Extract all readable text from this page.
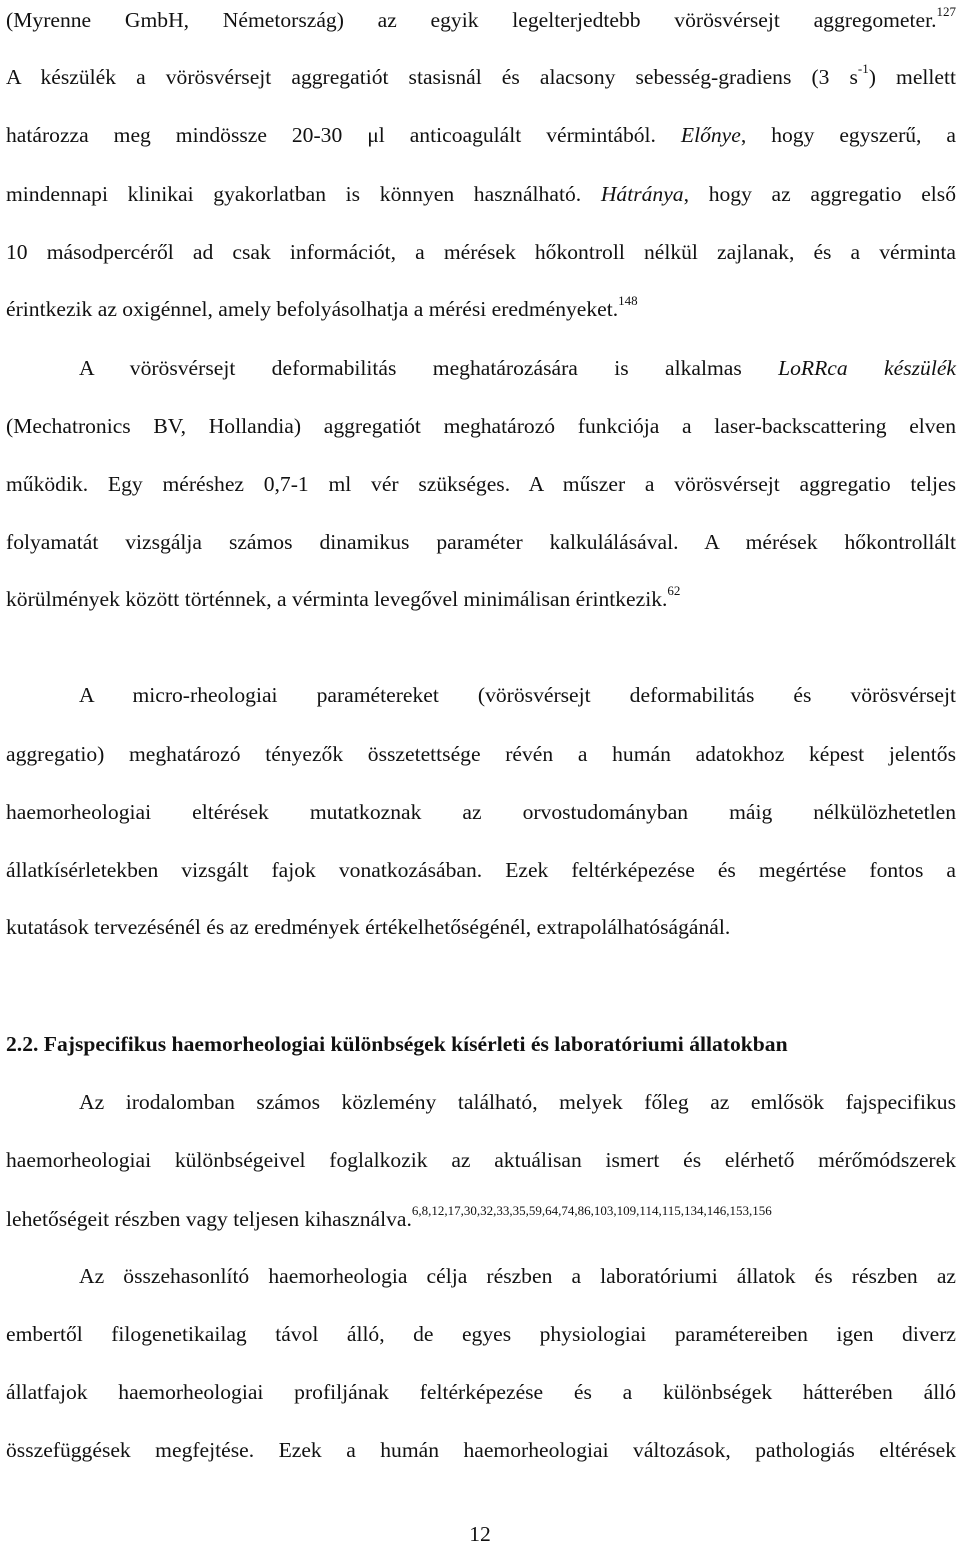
(Myrenne GmbH, Németország) az egyik legelterjedtebb vörösvérsejt aggregometer.$^{127}$
A készülék a vörösvérsejt aggregatiót stasisnál és alacsony sebesség-gradiens (3 $s^{-1}$) mellett
határozza meg mindössze 20-30 μl anticoagulált vérmintából. Előnye, hogy egyszerű, a
mindennapi klinikai gyakorlatban is könnyen használható. Hátránya, hogy az aggregatio első
10 másodpercéről ad csak információt, a mérések hőkontroll nélkül zajlanak, és a vérminta
érintkezik az oxigénnel, amely befolyásolhatja a mérési eredményeket.$^{148}$
A vörösvérsejt deformabilitás meghatározására is alkalmas LoRRca készülék
(Mechatronics BV, Hollandia) aggregatiót meghatározó funkciója a laser-backscattering elven
működik. Egy méréshez 0,7-1 ml vér szükséges. A műszer a vörösvérsejt aggregatio teljes
folyamatát vizsgálja számos dinamikus paraméter kalkulálásával. A mérések hőkontrollált
körülmények között történnek, a vérminta levegővel minimálisan érintkezik.$^{62}$
A micro-rheologiai paramétereket (vörösvérsejt deformabilitás és vörösvérsejt
aggregatio) meghatározó tényezők összetettsége révén a humán adatokhoz képest jelentős
haemorheologiai eltérések mutatkoznak az orvostudományban máig nélkülözhetetlen
állatkísérletekben vizsgált fajok vonatkozásában. Ezek feltérképezése és megértése fontos a
kutatások tervezésénél és az eredmények értékelhetőségénél, extrapolálhatóságánál.
2.2. Fajspecifikus haemorheologiai különbségek kísérleti és laboratóriumi állatokban
Az irodalomban számos közlemény található, melyek főleg az emlősök fajspecifikus
haemorheologiai különbségeivel foglalkozik az aktuálisan ismert és elérhető mérőmódszerek
lehetőségeit részben vagy teljesen kihasználva.$^{6,8,12,17,30,32,33,35,59,64,74,86,103,109,114,115,134,146,153,156}$
Az összehasonlító haemorheologia célja részben a laboratóriumi állatok és részben az
embertől filogenetikailag távol álló, de egyes physiologiai paramétereiben igen diverz
állatfajok haemorheologiai profiljának feltérképezése és a különbségek hátterében álló
összefüggések megfejtése. Ezek a humán haemorheologiai változások, pathologiás eltérések
12
